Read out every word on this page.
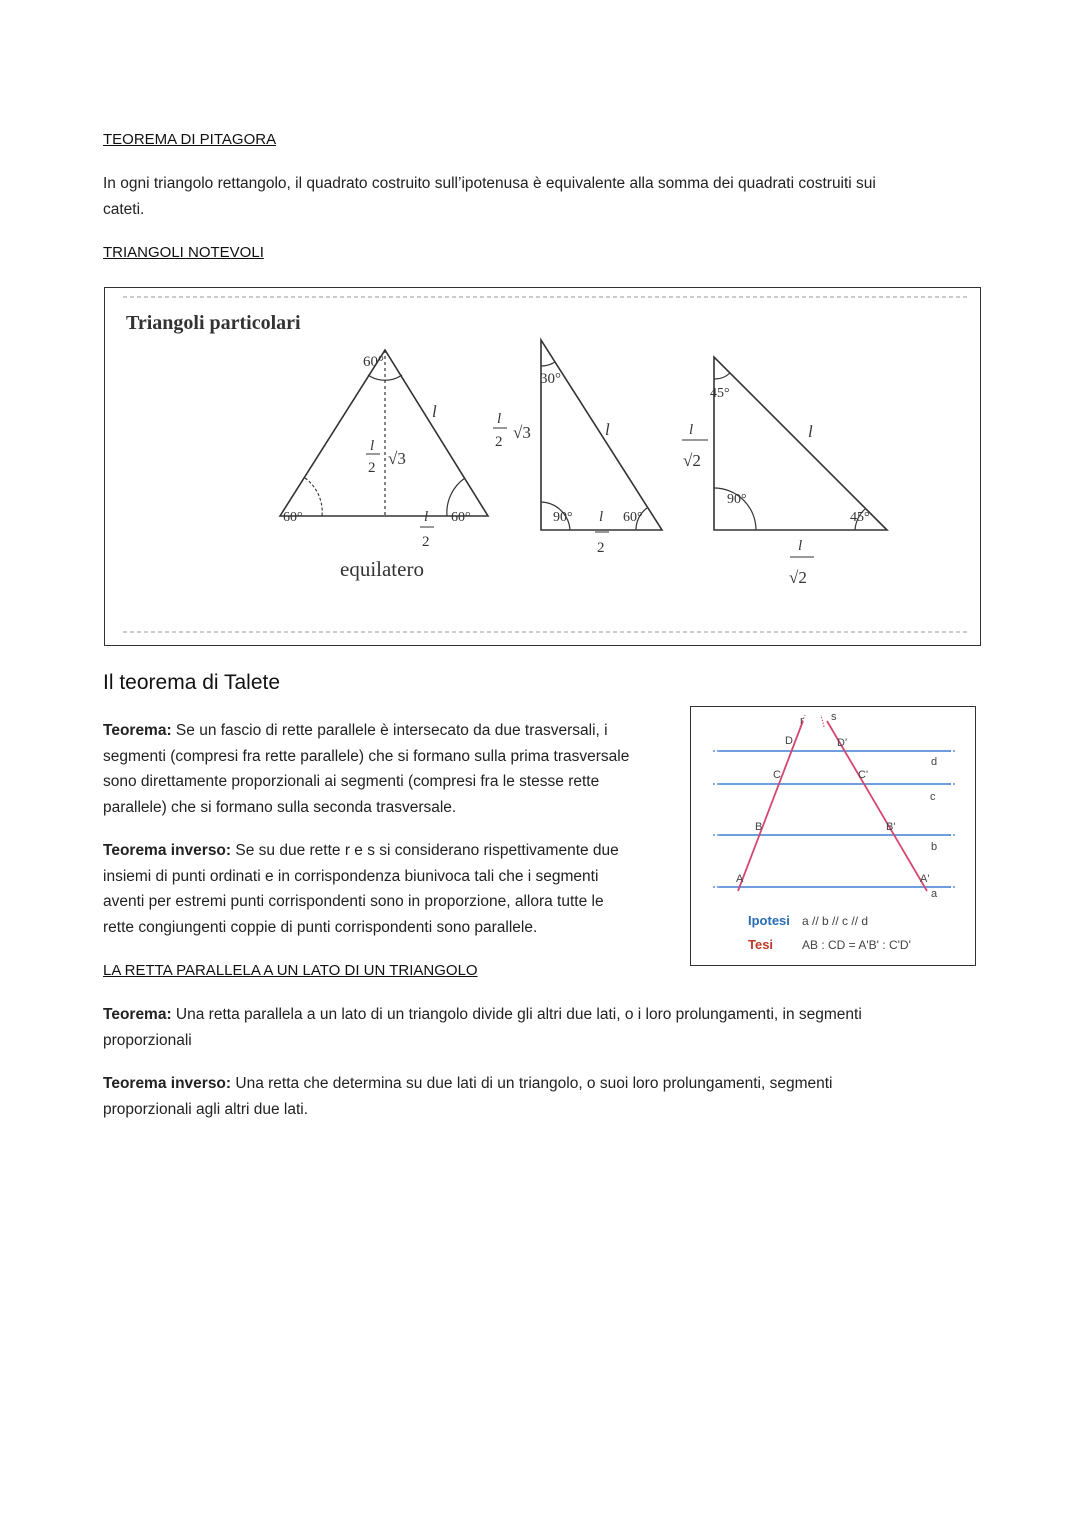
TEOREMA DI PITAGORA
In ogni triangolo rettangolo, il quadrato costruito sull’ipotenusa è equivalente alla somma dei quadrati costruiti sui
cateti.
TRIANGOLI NOTEVOLI
Triangoli particolari
60°
60°	60°
l
l
2 √3
l
2
equilatero
30°
90°	60°
l
l
2 √3
l
2
45°
90°
45°
l
l
√2
l
√2
Il teorema di Talete
Teorema: Se un fascio di rette parallele è intersecato da due trasversali, i
segmenti (compresi fra rette parallele) che si formano sulla prima trasversale
sono direttamente proporzionali ai segmenti (compresi fra le stesse rette
parallele) che si formano sulla seconda trasversale.
Teorema inverso: Se su due rette r e s si considerano rispettivamente due
insiemi di punti ordinati e in corrispondenza biunivoca tali che i segmenti
aventi per estremi punti corrispondenti sono in proporzione, allora tutte le
rette congiungenti coppie di punti corrispondenti sono parallele.
r s
D	D'
C	C'
B	B'
A	A'
d
c
b
a
Ipotesi a // b // c // d
Tesi AB : CD = A'B' : C'D'
LA RETTA PARALLELA A UN LATO DI UN TRIANGOLO
Teorema: Una retta parallela a un lato di un triangolo divide gli altri due lati, o i loro prolungamenti, in segmenti
proporzionali
Teorema inverso: Una retta che determina su due lati di un triangolo, o suoi loro prolungamenti, segmenti
proporzionali agli altri due lati.
